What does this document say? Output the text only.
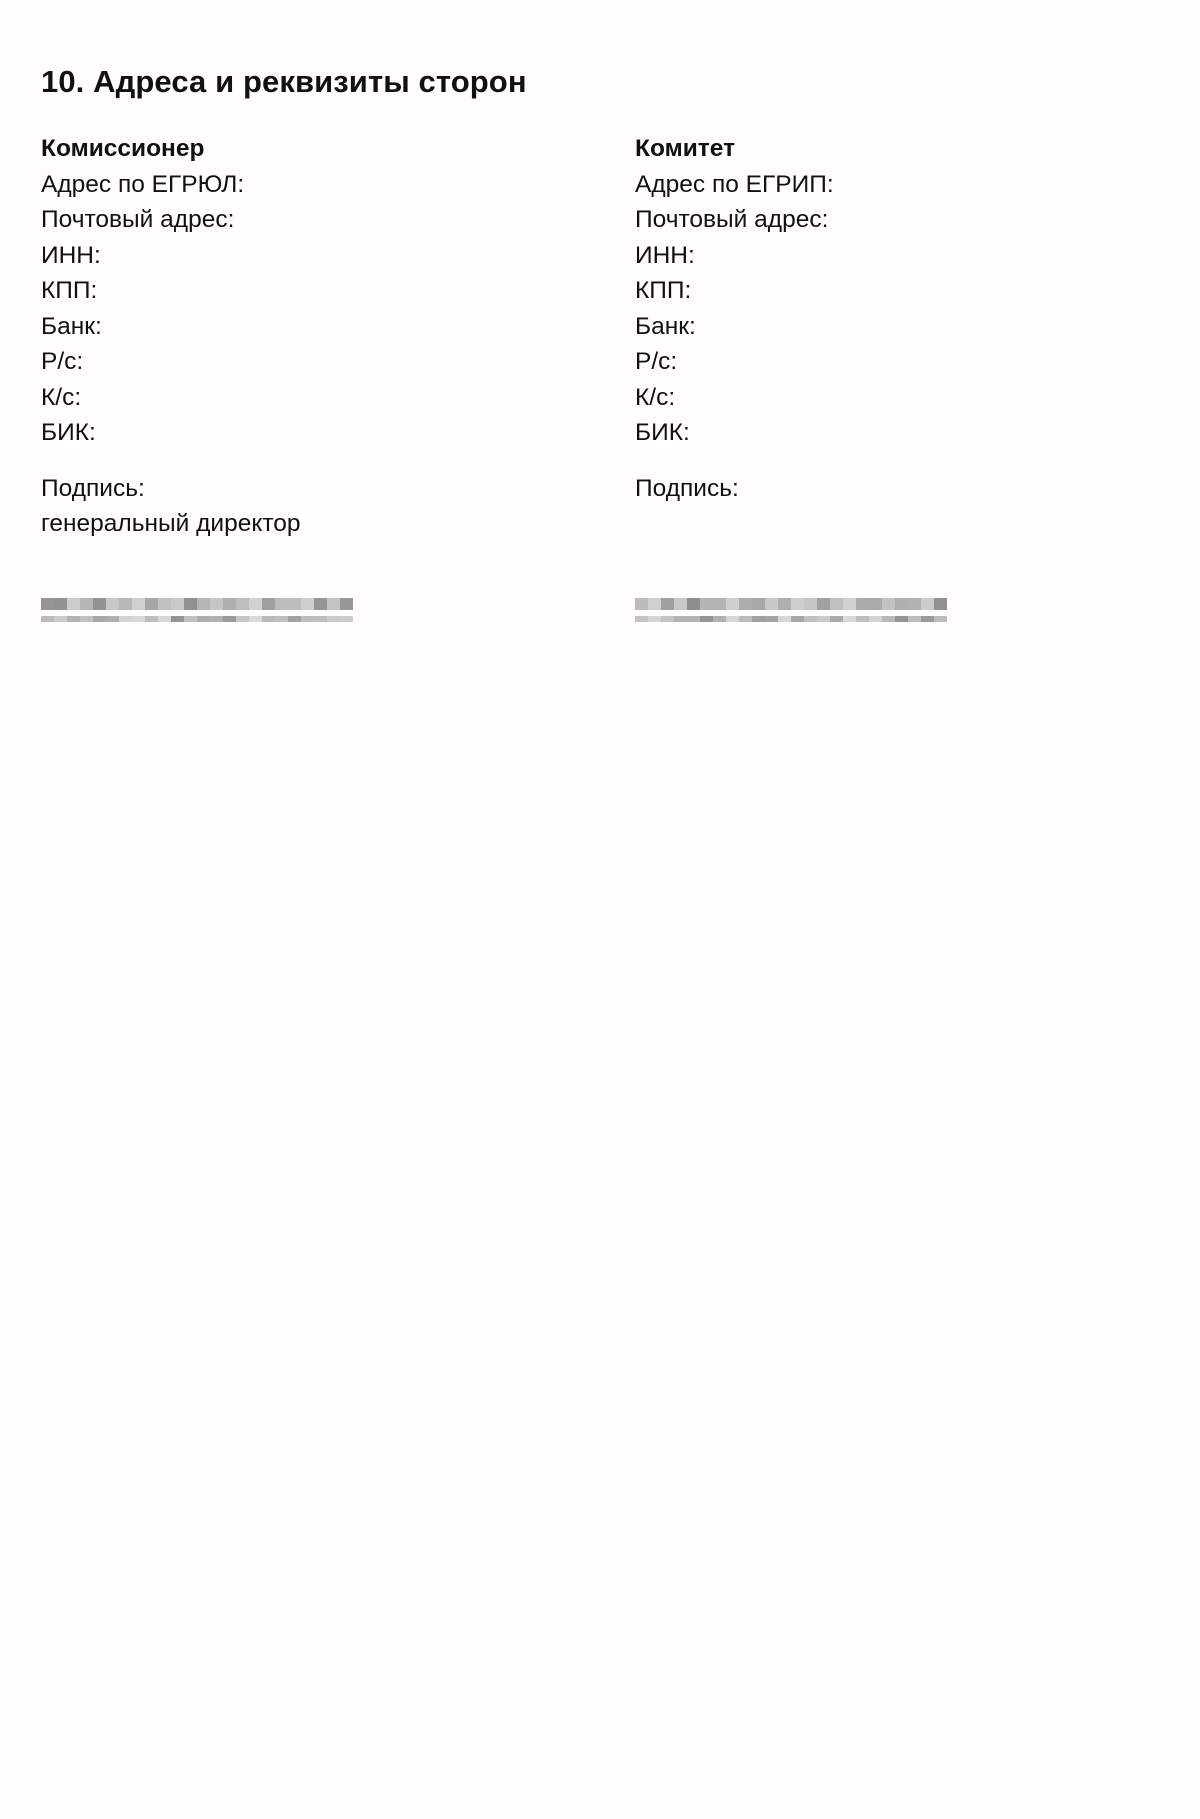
10. Адреса и реквизиты сторон

Комиссионер

Адрес по ЕГРЮЛ:

Почтовый адрес:

ИНН:

КПП:

Банк:

Р/с:

К/с:

БИК:

Подпись:

генеральный директор

Комитет

Адрес по ЕГРИП:

Почтовый адрес:

ИНН:

КПП:

Банк:

Р/с:

К/с:

БИК:

Подпись:
